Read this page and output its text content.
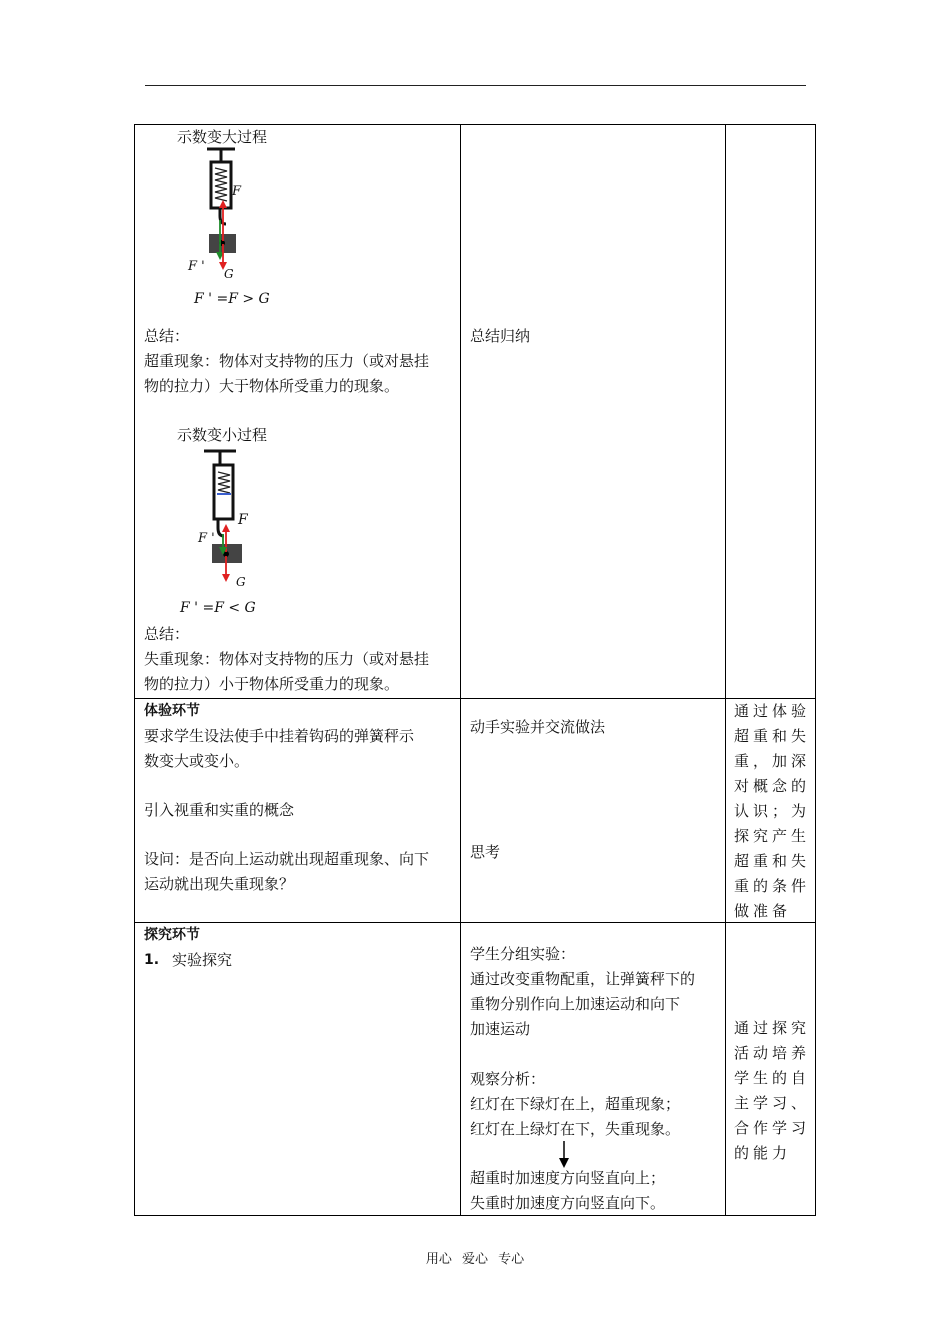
示数变大过程
F
F ' G
F ' =F > G
总结：
超重现象：物体对支持物的压力（或对悬挂
物的拉力）大于物体所受重力的现象。
示数变小过程
F
F '
G
F ' =F < G
总结：
失重现象：物体对支持物的压力（或对悬挂
物的拉力）小于物体所受重力的现象。
总结归纳
体验环节
要求学生设法使手中挂着钩码的弹簧秤示
数变大或变小。
引入视重和实重的概念
设问：是否向上运动就出现超重现象、向下
运动就出现失重现象？
动手实验并交流做法
思考
通过体验
超重和失
重，加深
对概念的
认识；为
探究产生
超重和失
重的条件
做准备
探究环节
1. 实验探究	学生分组实验：
通过改变重物配重，让弹簧秤下的
重物分别作向上加速运动和向下
加速运动
观察分析：
红灯在下绿灯在上，超重现象；
红灯在上绿灯在下，失重现象。
超重时加速度方向竖直向上；
失重时加速度方向竖直向下。
通过探究
活动培养
学生的自
主学习、
合作学习
的能力
用心 爱心 专心
